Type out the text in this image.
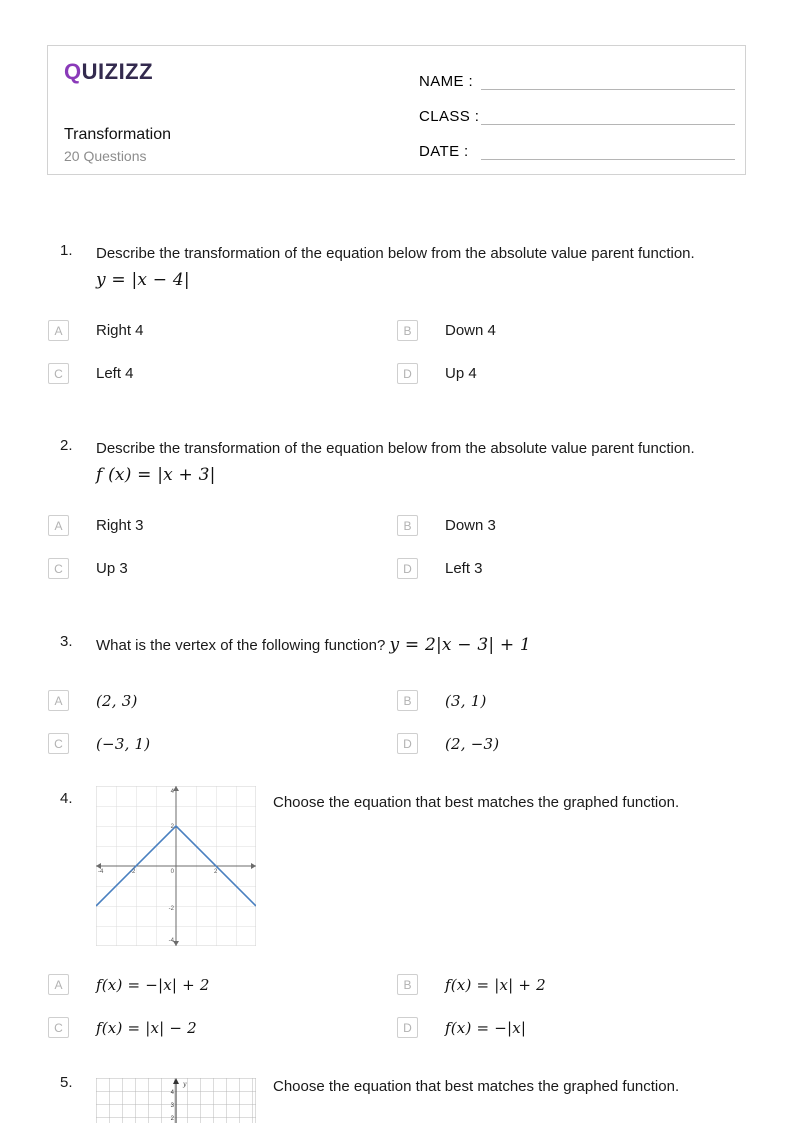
QUIZIZZ
Transformation
20 Questions
NAME :
CLASS :
DATE :
1.	Describe the transformation of the equation below from the absolute value parent function.
y = |x − 4|
A	Right 4	B	Down 4
C	Left 4	D	Up 4
2.	Describe the transformation of the equation below from the absolute value parent function.
f (x) = |x + 3|
A	Right 3	B	Down 3
C	Up 3	D	Left 3
3.	What is the vertex of the following function? y = 2|x − 3| + 1
A	(2, 3)	B	(3, 1)
C	(−3, 1)	D	(2, −3)
4.
-4	-2	0	2
4
2
-2
-4
Choose the equation that best matches the graphed function.
A	f(x) = −|x| + 2	B	f(x) = |x| + 2
C	f(x) = |x| − 2	D	f(x) = −|x|
5.	y
4
3
2
Choose the equation that best matches the graphed function.
